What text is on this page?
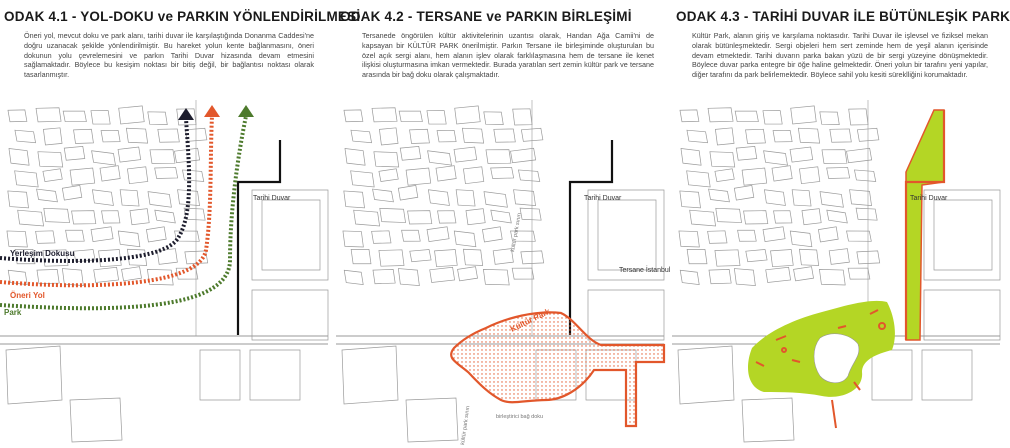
ODAK 4.1 - YOL-DOKU ve PARKIN YÖNLENDİRİLMESİ
Öneri yol, mevcut doku ve park alanı, tarihi duvar ile karşılaştığında Donanma Caddesi'ne doğru uzanacak şekilde yönlendirilmiştir. Bu hareket yolun kente bağlanmasını, öneri dokunun yolu çevrelemesini ve parkın Tarihi Duvar hizasında devam etmesini sağlamaktadır. Böylece bu kesişim noktası bir bitiş değil, bir bağlantısı noktası olarak tasarlanmıştır.
Tarihi Duvar
Yerleşim Dokusu
Öneri Yol
Park
ODAK 4.2 - TERSANE ve PARKIN BİRLEŞİMİ
Tersanede öngörülen kültür aktivitelerinin uzantısı olarak, Handan Ağa Camii'ni de kapsayan bir KÜLTÜR PARK önerilmiştir. Parkın Tersane ile birleşiminde oluşturulan bu özel açık sergi alanı, hem alanın işlev olarak farklılaşmasına hem de tersane ile kenet ilişkisi oluşturmasına imkan vermektedir. Burada yaratılan sert zemin kültür park ve tersane arasında bir bağ doku olarak çalışmaktadır.
Tarihi Duvar
Tersane İstanbul
Kültür Park
kültür park sınırı
kültür park sınırı
birleştirici bağ doku
ODAK 4.3 - TARİHİ DUVAR İLE BÜTÜNLEŞİK PARK
Kültür Park, alanın giriş ve karşılama noktasıdır. Tarihi Duvar ile işlevsel ve fiziksel mekan olarak bütünleşmektedir. Sergi objeleri hem sert zeminde hem de yeşil alanın içerisinde devam etmektedir. Tarihi duvarın parka bakan yüzü de bir sergi yüzeyine dönüşmektedir. Böylece duvar parka entegre bir öğe haline gelmektedir. Öneri yolun bir tarafını yeni yapılar, diğer tarafını da park belirlemektedir. Böylece sahil yolu kesiti süreklliğini korumaktadır.
Tarihi Duvar
